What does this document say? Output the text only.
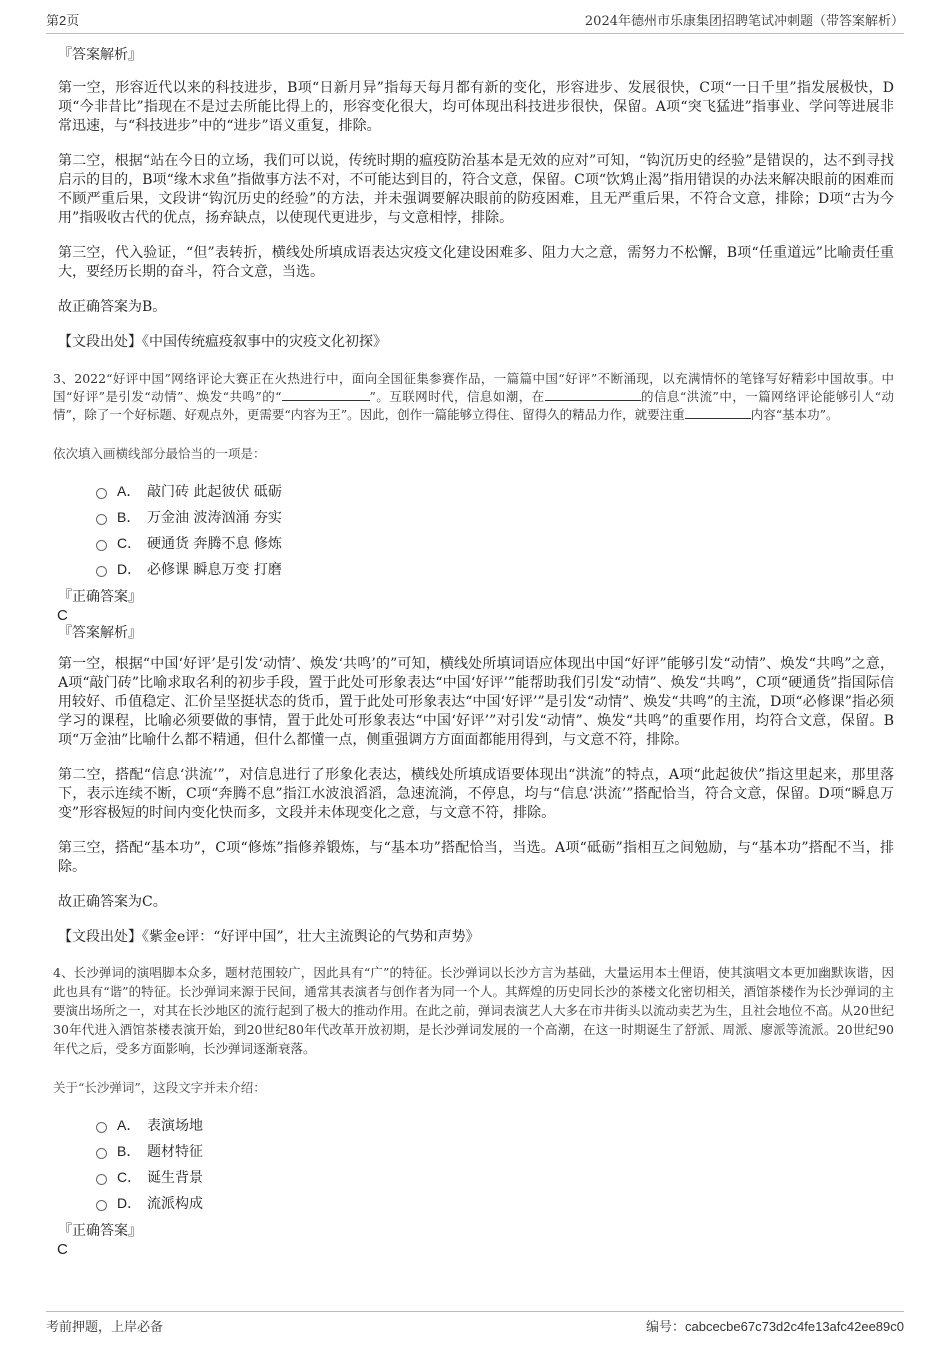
第2页	2024年德州市乐康集团招聘笔试冲刺题（带答案解析）
『答案解析』

第一空，形容近代以来的科技进步，B项“日新月异”指每天每月都有新的变化，形容进步、发展很快，C项“一日千里”指发展极快，D项“今非昔比”指现在不是过去所能比得上的，形容变化很大，均可体现出科技进步很快，保留。A项“突飞猛进”指事业、学问等进展非常迅速，与“科技进步”中的“进步”语义重复，排除。

第二空，根据“站在今日的立场，我们可以说，传统时期的瘟疫防治基本是无效的应对”可知，“钩沉历史的经验”是错误的，达不到寻找启示的目的，B项“缘木求鱼”指做事方法不对，不可能达到目的，符合文意，保留。C项“饮鸩止渴”指用错误的办法来解决眼前的困难而不顾严重后果，文段讲“钩沉历史的经验”的方法，并未强调要解决眼前的防疫困难，且无严重后果，不符合文意，排除；D项“古为今用”指吸收古代的优点，扬弃缺点，以使现代更进步，与文意相悖，排除。

第三空，代入验证，“但”表转折，横线处所填成语表达灾疫文化建设困难多、阻力大之意，需努力不松懈，B项“任重道远”比喻责任重大，要经历长期的奋斗，符合文意，当选。

故正确答案为B。

【文段出处】《中国传统瘟疫叙事中的灾疫文化初探》

3、2022“好评中国”网络评论大赛正在火热进行中，面向全国征集参赛作品，一篇篇中国“好评”不断涌现，以充满情怀的笔锋写好精彩中国故事。中国“好评”是引发“动情”、焕发“共鸣”的“	”。互联网时代，信息如潮，在	的信息“洪流”中，一篇网络评论能够引人“动情”，除了一个好标题、好观点外，更需要“内容为王”。因此，创作一篇能够立得住、留得久的精品力作，就要注重	内容“基本功”。

依次填入画横线部分最恰当的一项是：
A． 敲门砖 此起彼伏 砥砺
B． 万金油 波涛汹涌 夯实
C． 硬通货 奔腾不息 修炼
D． 必修课 瞬息万变 打磨
『正确答案』
C
『答案解析』

第一空，根据“中国‘好评’是引发‘动情’、焕发‘共鸣’的”可知，横线处所填词语应体现出中国“好评”能够引发“动情”、焕发“共鸣”之意，A项“敲门砖”比喻求取名利的初步手段，置于此处可形象表达“中国‘好评’”能帮助我们引发“动情”、焕发“共鸣”，C项“硬通货”指国际信用较好、币值稳定、汇价呈坚挺状态的货币，置于此处可形象表达“中国‘好评’”是引发“动情”、焕发“共鸣”的主流，D项“必修课”指必须学习的课程，比喻必须要做的事情，置于此处可形象表达“中国‘好评’”对引发“动情”、焕发“共鸣”的重要作用，均符合文意，保留。B项“万金油”比喻什么都不精通，但什么都懂一点，侧重强调方方面面都能用得到，与文意不符，排除。

第二空，搭配“信息‘洪流’”，对信息进行了形象化表达，横线处所填成语要体现出“洪流”的特点，A项“此起彼伏”指这里起来，那里落下，表示连续不断，C项“奔腾不息”指江水波浪滔滔，急速流淌，不停息，均与“信息‘洪流’”搭配恰当，符合文意，保留。D项“瞬息万变”形容极短的时间内变化快而多，文段并未体现变化之意，与文意不符，排除。

第三空，搭配“基本功”，C项“修炼”指修养锻炼，与“基本功”搭配恰当，当选。A项“砥砺”指相互之间勉励，与“基本功”搭配不当，排除。

故正确答案为C。

【文段出处】《紫金e评：“好评中国”，壮大主流舆论的气势和声势》

4、长沙弹词的演唱脚本众多，题材范围较广，因此具有“广”的特征。长沙弹词以长沙方言为基础，大量运用本土俚语，使其演唱文本更加幽默诙谐，因此也具有“谐”的特征。长沙弹词来源于民间，通常其表演者与创作者为同一个人。其辉煌的历史同长沙的茶楼文化密切相关，酒馆茶楼作为长沙弹词的主要演出场所之一，对其在长沙地区的流行起到了极大的推动作用。在此之前，弹词表演艺人大多在市井街头以流动卖艺为生，且社会地位不高。从20世纪30年代进入酒馆茶楼表演开始，到20世纪80年代改革开放初期，是长沙弹词发展的一个高潮，在这一时期诞生了舒派、周派、廖派等流派。20世纪90年代之后，受多方面影响，长沙弹词逐渐衰落。

关于“长沙弹词”，这段文字并未介绍：
A． 表演场地
B． 题材特征
C． 诞生背景
D． 流派构成
『正确答案』
C
考前押题，上岸必备	编号：cabcecbe67c73d2c4fe13afc42ee89c0
